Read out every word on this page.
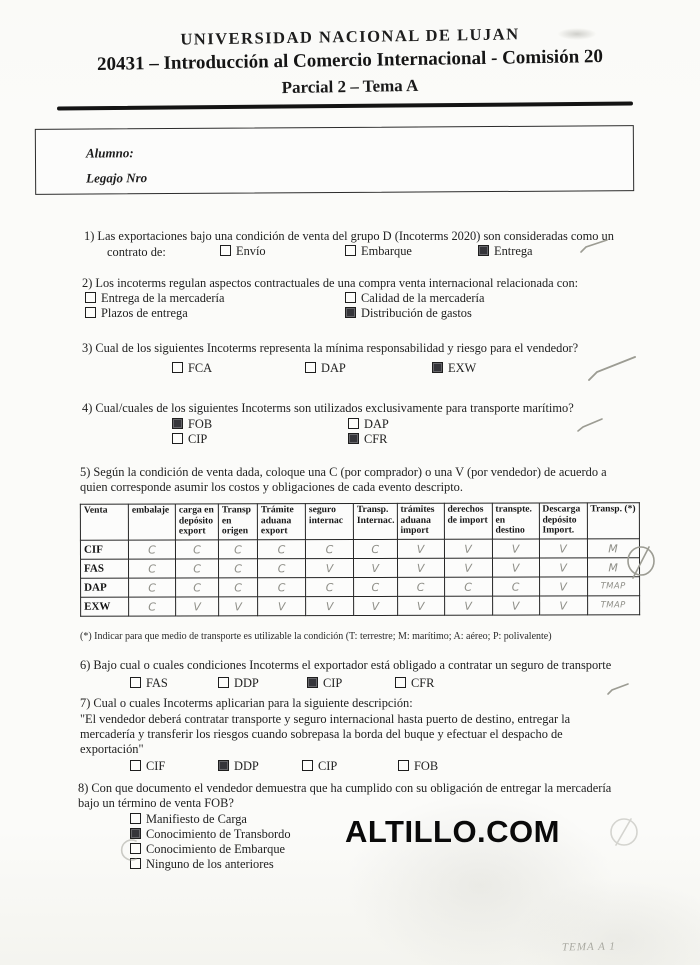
UNIVERSIDAD NACIONAL DE LUJAN
20431 – Introducción al Comercio Internacional - Comisión 20
Parcial 2 – Tema A
Alumno:
Legajo Nro
1) Las exportaciones bajo una condición de venta del grupo D (Incoterms 2020) son consideradas como un
contrato de:	Envío	Embarque	Entrega
2) Los incoterms regulan aspectos contractuales de una compra venta internacional relacionada con:
Entrega de la mercadería	Calidad de la mercadería
Plazos de entrega	Distribución de gastos
3) Cual de los siguientes Incoterms representa la mínima responsabilidad y riesgo para el vendedor?
FCA	DAP	EXW
4) Cual/cuales de los siguientes Incoterms son utilizados exclusivamente para transporte marítimo?
FOB	DAP
CIP	CFR
5) Según la condición de venta dada, coloque una C (por comprador) o una V (por vendedor) de acuerdo a
quien corresponde asumir los costos y obligaciones de cada evento descripto.
Venta	embalaje	carga en depósito export	Transp en origen	Trámite aduana export	seguro internac	Transp. Internac.	trámites aduana import	derechos de import	transpte. en destino	Descarga depósito Import.	Transp. (*)
CIF	C	C	C	C	C	C	V	V	V	V	M
FAS	C	C	C	C	V	V	V	V	V	V	M
DAP	C	C	C	C	C	C	C	C	C	V	TMAP
EXW	C	V	V	V	V	V	V	V	V	V	TMAP
(*) Indicar para que medio de transporte es utilizable la condición (T: terrestre; M: marítimo; A: aéreo; P: polivalente)
6) Bajo cual o cuales condiciones Incoterms el exportador está obligado a contratar un seguro de transporte
FAS	DDP	CIP	CFR
7) Cual o cuales Incoterms aplicarian para la siguiente descripción:
"El vendedor deberá contratar transporte y seguro internacional hasta puerto de destino, entregar la
mercadería y transferir los riesgos cuando sobrepasa la borda del buque y efectuar el despacho de
exportación"
CIF	DDP	CIP	FOB
8) Con que documento el vendedor demuestra que ha cumplido con su obligación de entregar la mercadería
bajo un término de venta FOB?
Manifiesto de Carga
Conocimiento de Transbordo
Conocimiento de Embarque
Ninguno de los anteriores
ALTILLO.COM
TEMA A 1
